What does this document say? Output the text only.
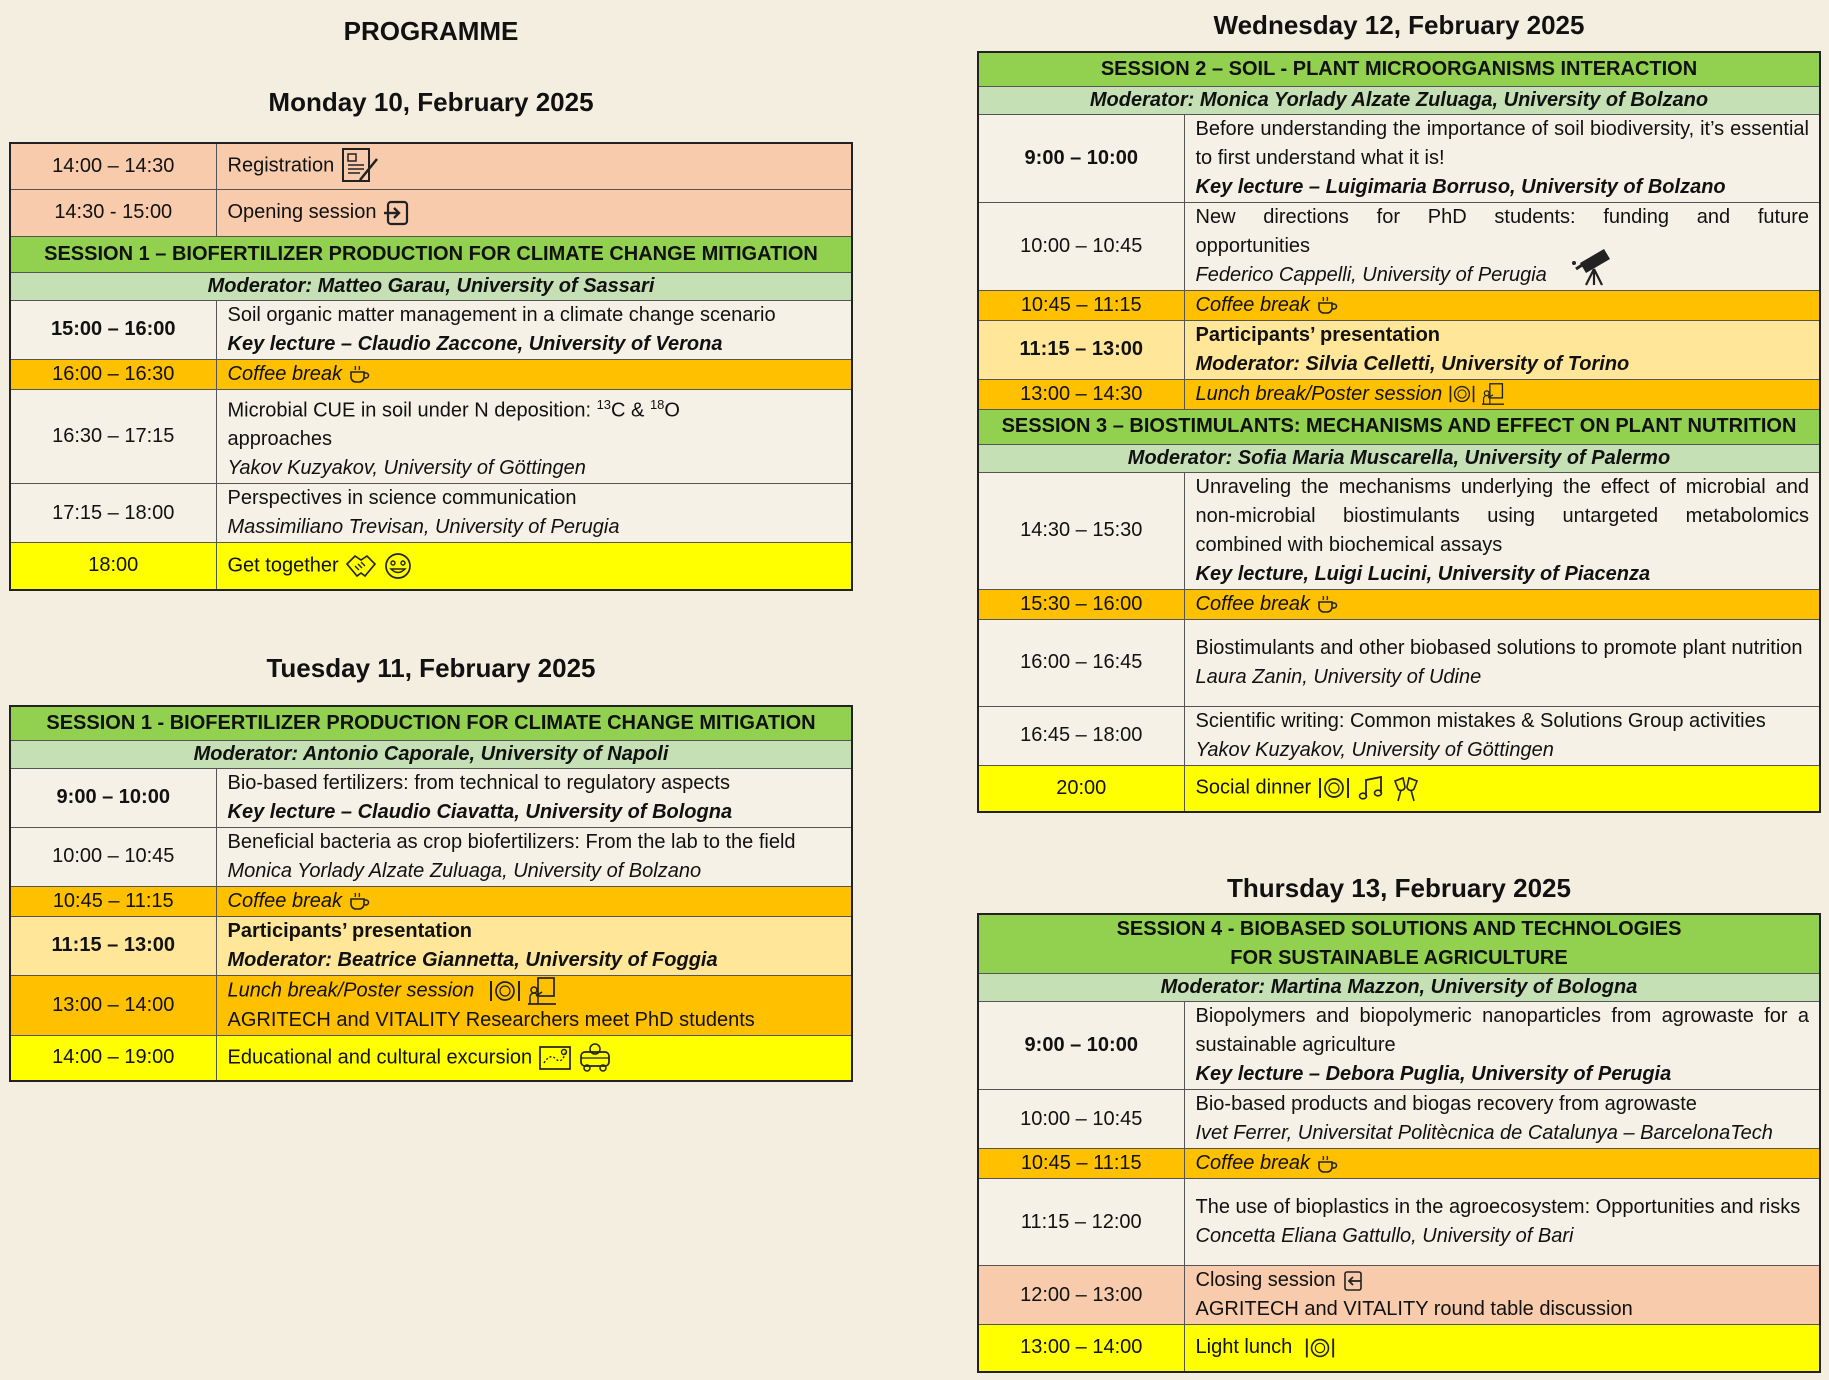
PROGRAMME
Monday 10, February 2025
14:00 – 14:30	Registration

14:30 - 15:00	Opening session

SESSION 1 – BIOFERTILIZER PRODUCTION FOR CLIMATE CHANGE MITIGATION	
Moderator: Matteo Garau, University of Sassari	
15:00 – 16:00	Soil organic matter management in a climate change scenario
Key lecture – Claudio Zaccone, University of Verona

16:00 – 16:30	Coffee break

16:30 – 17:15	Microbial CUE in soil under N deposition: $^{13}$C & $^{18}$O
approaches
Yakov Kuzyakov, University of Göttingen

17:15 – 18:00	Perspectives in science communication
Massimiliano Trevisan, University of Perugia

18:00	Get together
Tuesday 11, February 2025
SESSION 1 - BIOFERTILIZER PRODUCTION FOR CLIMATE CHANGE MITIGATION	
Moderator: Antonio Caporale, University of Napoli	
9:00 – 10:00	Bio-based fertilizers: from technical to regulatory aspects
Key lecture – Claudio Ciavatta, University of Bologna

10:00 – 10:45	Beneficial bacteria as crop biofertilizers: From the lab to the field
Monica Yorlady Alzate Zuluaga, University of Bolzano

10:45 – 11:15	Coffee break

11:15 – 13:00	Participants’ presentation
Moderator: Beatrice Giannetta, University of Foggia

13:00 – 14:00	Lunch break/Poster session
AGRITECH and VITALITY Researchers meet PhD students

14:00 – 19:00	Educational and cultural excursion
Wednesday 12, February 2025
SESSION 2 – SOIL - PLANT MICROORGANISMS INTERACTION	
Moderator: Monica Yorlady Alzate Zuluaga, University of Bolzano	
9:00 – 10:00	Before understanding the importance of soil biodiversity, it’s essential to first understand what it is!
Key lecture – Luigimaria Borruso, University of Bolzano

10:00 – 10:45	New directions for PhD students: funding and future opportunities
Federico Cappelli, University of Perugia

10:45 – 11:15	Coffee break

11:15 – 13:00	Participants’ presentation
Moderator: Silvia Celletti, University of Torino

13:00 – 14:30	Lunch break/Poster session

SESSION 3 – BIOSTIMULANTS: MECHANISMS AND EFFECT ON PLANT NUTRITION	
Moderator: Sofia Maria Muscarella, University of Palermo	
14:30 – 15:30	Unraveling the mechanisms underlying the effect of microbial and non-microbial biostimulants using untargeted metabolomics combined with biochemical assays
Key lecture, Luigi Lucini, University of Piacenza

15:30 – 16:00	Coffee break

16:00 – 16:45	Biostimulants and other biobased solutions to promote plant nutrition
Laura Zanin, University of Udine

16:45 – 18:00	Scientific writing: Common mistakes & Solutions Group activities
Yakov Kuzyakov, University of Göttingen

20:00	Social dinner
Thursday 13, February 2025
SESSION 4 - BIOBASED SOLUTIONS AND TECHNOLOGIES FOR SUSTAINABLE AGRICULTURE	
Moderator: Martina Mazzon, University of Bologna	
9:00 – 10:00	Biopolymers and biopolymeric nanoparticles from agrowaste for a sustainable agriculture
Key lecture – Debora Puglia, University of Perugia

10:00 – 10:45	Bio-based products and biogas recovery from agrowaste
Ivet Ferrer, Universitat Politècnica de Catalunya – BarcelonaTech

10:45 – 11:15	Coffee break

11:15 – 12:00	The use of bioplastics in the agroecosystem: Opportunities and risks
Concetta Eliana Gattullo, University of Bari

12:00 – 13:00	Closing session
AGRITECH and VITALITY round table discussion

13:00 – 14:00	Light lunch
